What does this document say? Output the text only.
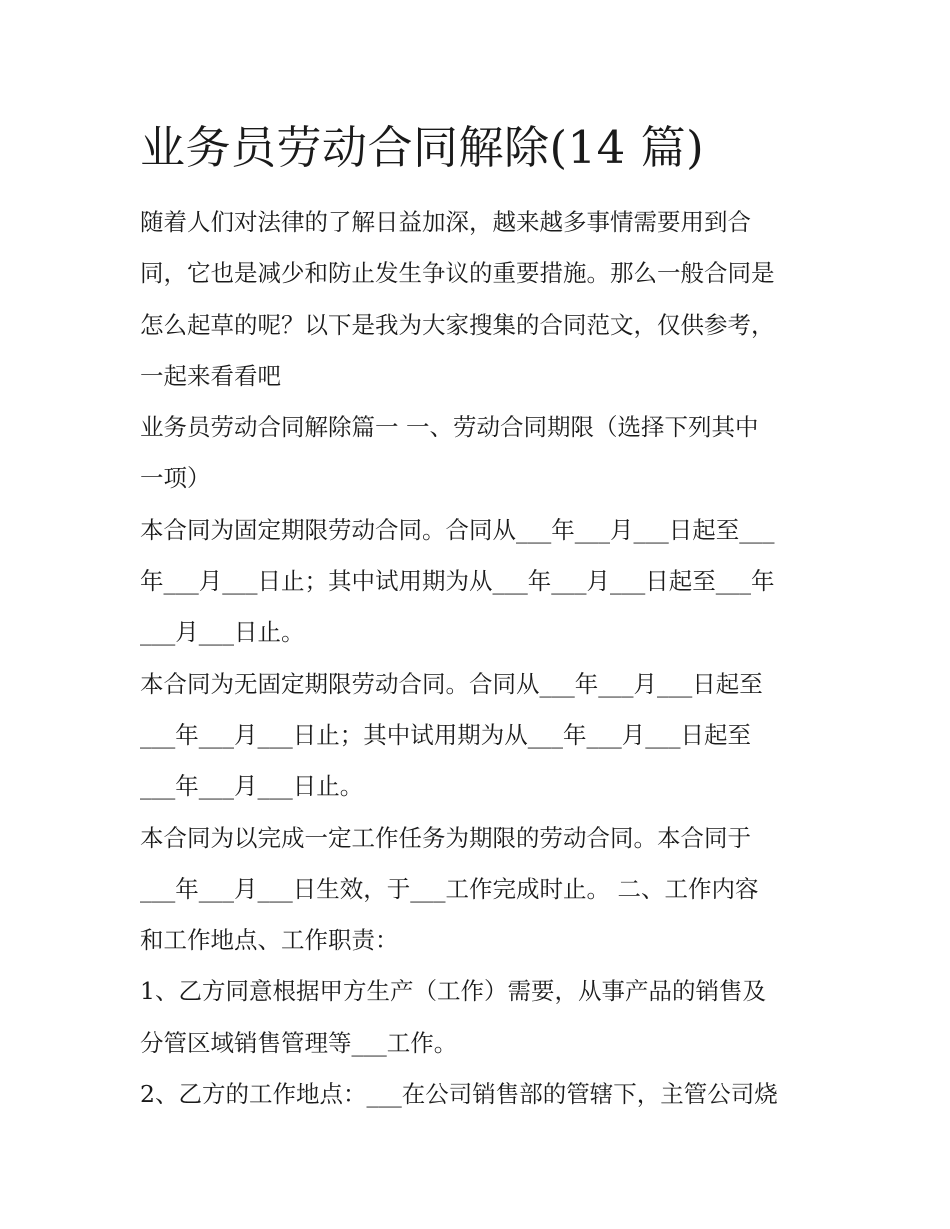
业务员劳动合同解除(14 篇)
随着人们对法律的了解日益加深，越来越多事情需要用到合
同，它也是减少和防止发生争议的重要措施。那么一般合同是
怎么起草的呢？以下是我为大家搜集的合同范文，仅供参考，
一起来看看吧
业务员劳动合同解除篇一 一、劳动合同期限（选择下列其中
一项）
本合同为固定期限劳动合同。合同从___年___月___日起至___
年___月___日止；其中试用期为从___年___月___日起至___年
___月___日止。
本合同为无固定期限劳动合同。合同从___年___月___日起至
___年___月___日止；其中试用期为从___年___月___日起至
___年___月___日止。
本合同为以完成一定工作任务为期限的劳动合同。本合同于
___年___月___日生效，于___工作完成时止。 二、工作内容
和工作地点、工作职责：
1、乙方同意根据甲方生产（工作）需要，从事产品的销售及
分管区域销售管理等___工作。
2、乙方的工作地点：___在公司销售部的管辖下，主管公司烧
